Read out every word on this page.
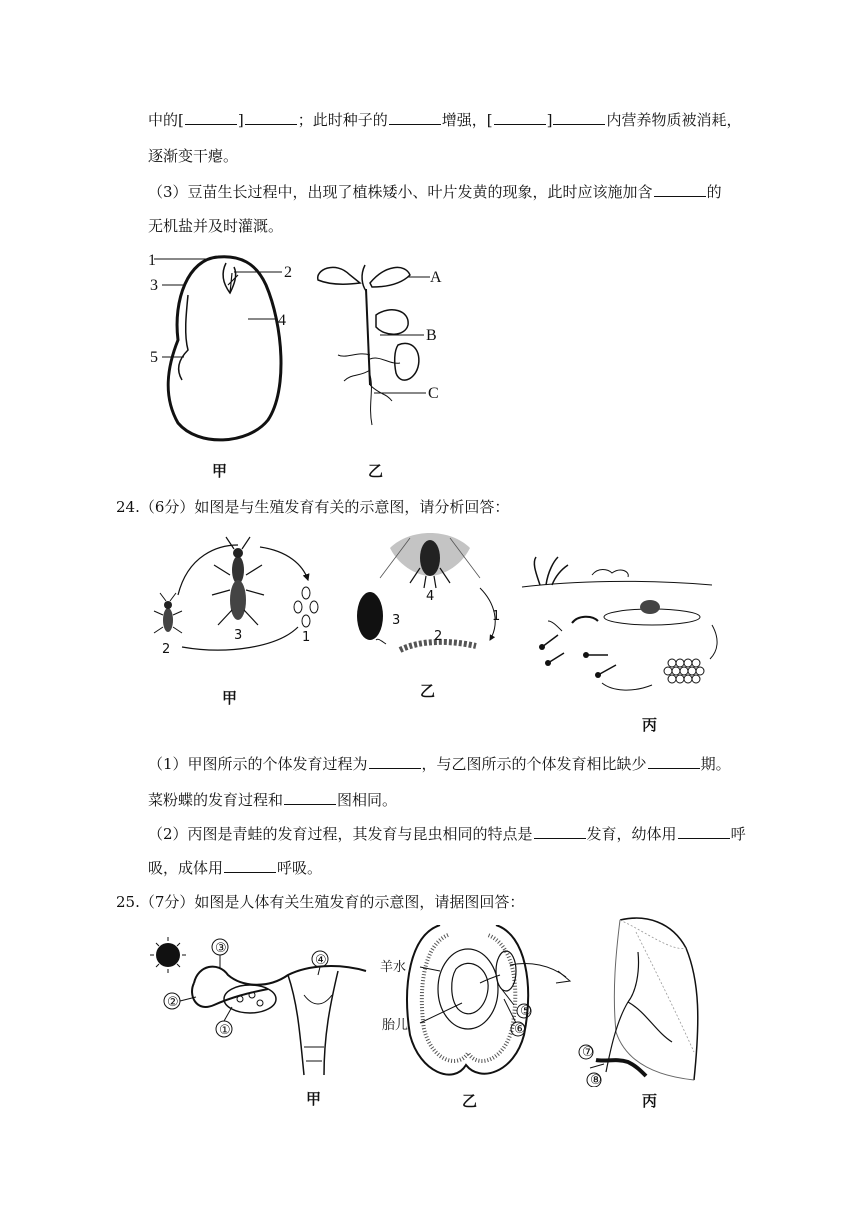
中的[	]	；此时种子的	增强，[	]	内营养物质被消耗，
逐渐变干瘪。
（3）豆苗生长过程中，出现了植株矮小、叶片发黄的现象，此时应该施加含	的
无机盐并及时灌溉。
1
2
3
4
5
甲
A
B
C
乙
24.（6分）如图是与生殖发育有关的示意图，请分析回答：
3	1
2
甲
4
3
2
1
乙
丙
（1）甲图所示的个体发育过程为	，与乙图所示的个体发育相比缺少	期。
菜粉蝶的发育过程和	图相同。
（2）丙图是青蛙的发育过程，其发育与昆虫相同的特点是	发育，幼体用	呼
吸，成体用	呼吸。
25.（7分）如图是人体有关生殖发育的示意图，请据图回答：
③
④
②
①
甲
羊水
胎儿
⑤
⑥
乙
⑦
⑧
丙
